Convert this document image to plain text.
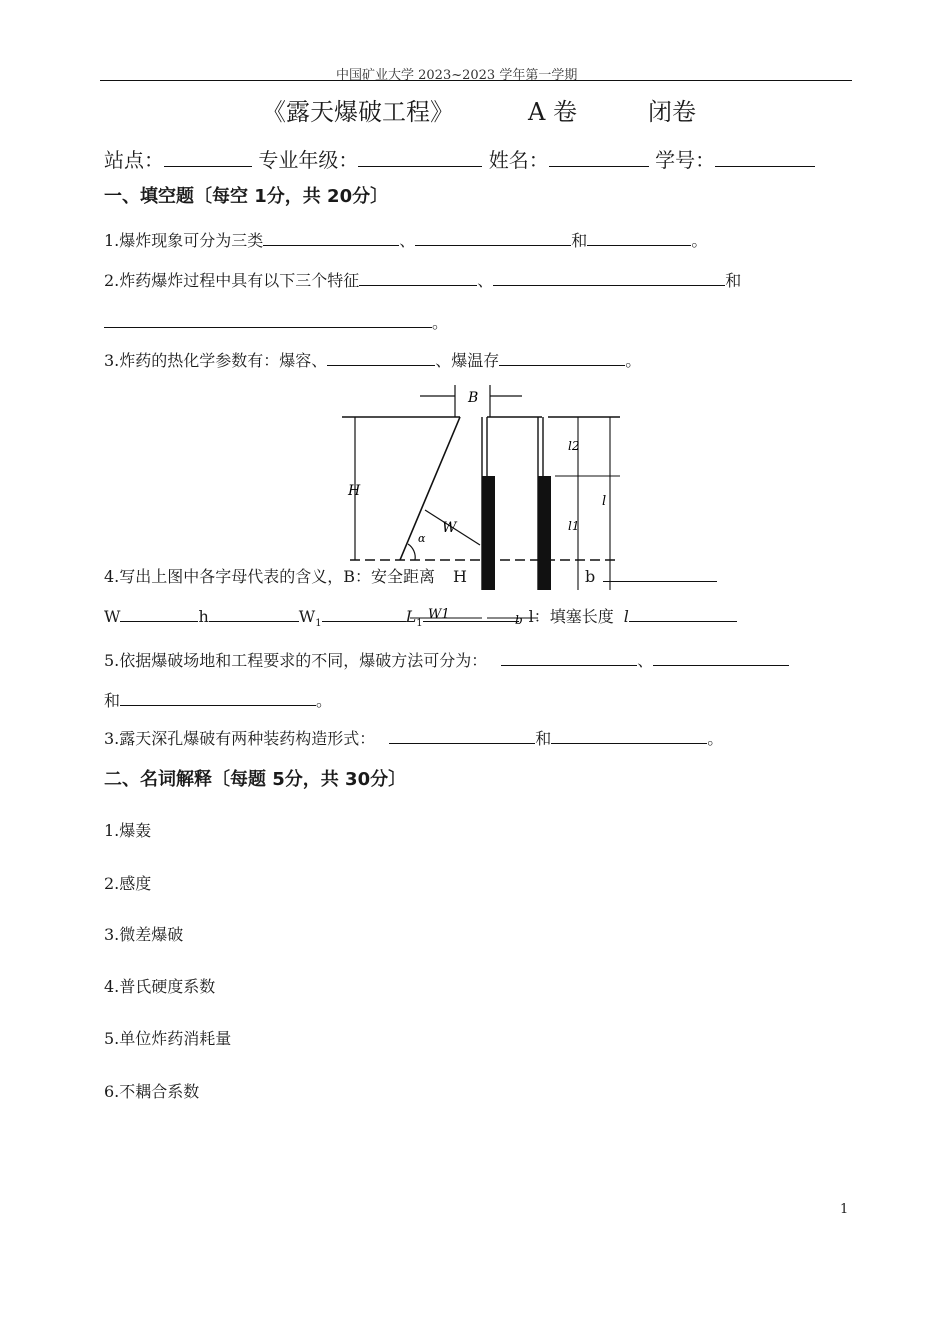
中国矿业大学 2023~2023 学年第一学期
《露天爆破工程》	A 卷	闭卷
站点：	专业年级：	姓名：	学号：
一、填空题〔每空 1分，共 20分〕
1.爆炸现象可分为三类	、	和	。
2.炸药爆炸过程中具有以下三个特征	、	和
。
3.炸药的热化学参数有：爆容、	、爆温存	。
B
H
W
α
l2
l1
l
W1	b
4.写出上图中各字母代表的含义，B：安全距离 H	b
W	h	$W_1$	$L_1$	l：填塞长度 l
5.依据爆破场地和工程要求的不同，爆破方法可分为：	、
和	。
3.露天深孔爆破有两种装药构造形式：	和	。
二、名词解释〔每题 5分，共 30分〕
1.爆轰
2.感度
3.微差爆破
4.普氏硬度系数
5.单位炸药消耗量
6.不耦合系数
1
